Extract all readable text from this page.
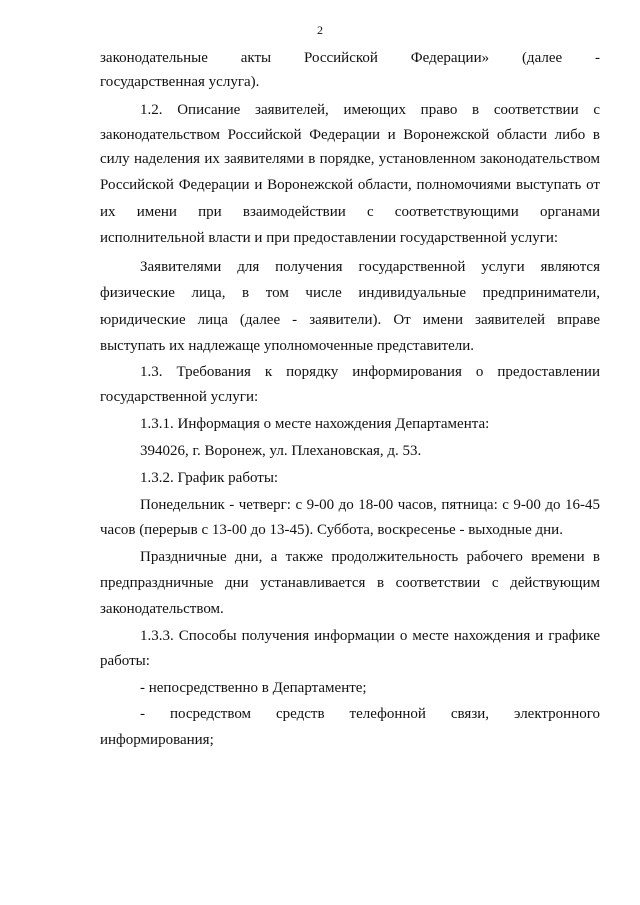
2
законодательные акты Российской Федерации» (далее -
государственная услуга).
1.2. Описание заявителей, имеющих право в соответствии с
законодательством Российской Федерации и Воронежской области либо в
силу наделения их заявителями в порядке, установленном законодательством
Российской Федерации и Воронежской области, полномочиями выступать от
их имени при взаимодействии с соответствующими органами
исполнительной власти и при предоставлении государственной услуги:
Заявителями для получения государственной услуги являются
физические лица, в том числе индивидуальные предприниматели,
юридические лица (далее - заявители). От имени заявителей вправе
выступать их надлежаще уполномоченные представители.
1.3. Требования к порядку информирования о предоставлении
государственной услуги:
1.3.1. Информация о месте нахождения Департамента:
394026, г. Воронеж, ул. Плехановская, д. 53.
1.3.2. График работы:
Понедельник - четверг: с 9-00 до 18-00 часов, пятница: с 9-00 до 16-45
часов (перерыв с 13-00 до 13-45). Суббота, воскресенье - выходные дни.
Праздничные дни, а также продолжительность рабочего времени в
предпраздничные дни устанавливается в соответствии с действующим
законодательством.
1.3.3. Способы получения информации о месте нахождения и графике
работы:
- непосредственно в Департаменте;
- посредством средств телефонной связи, электронного
информирования;
